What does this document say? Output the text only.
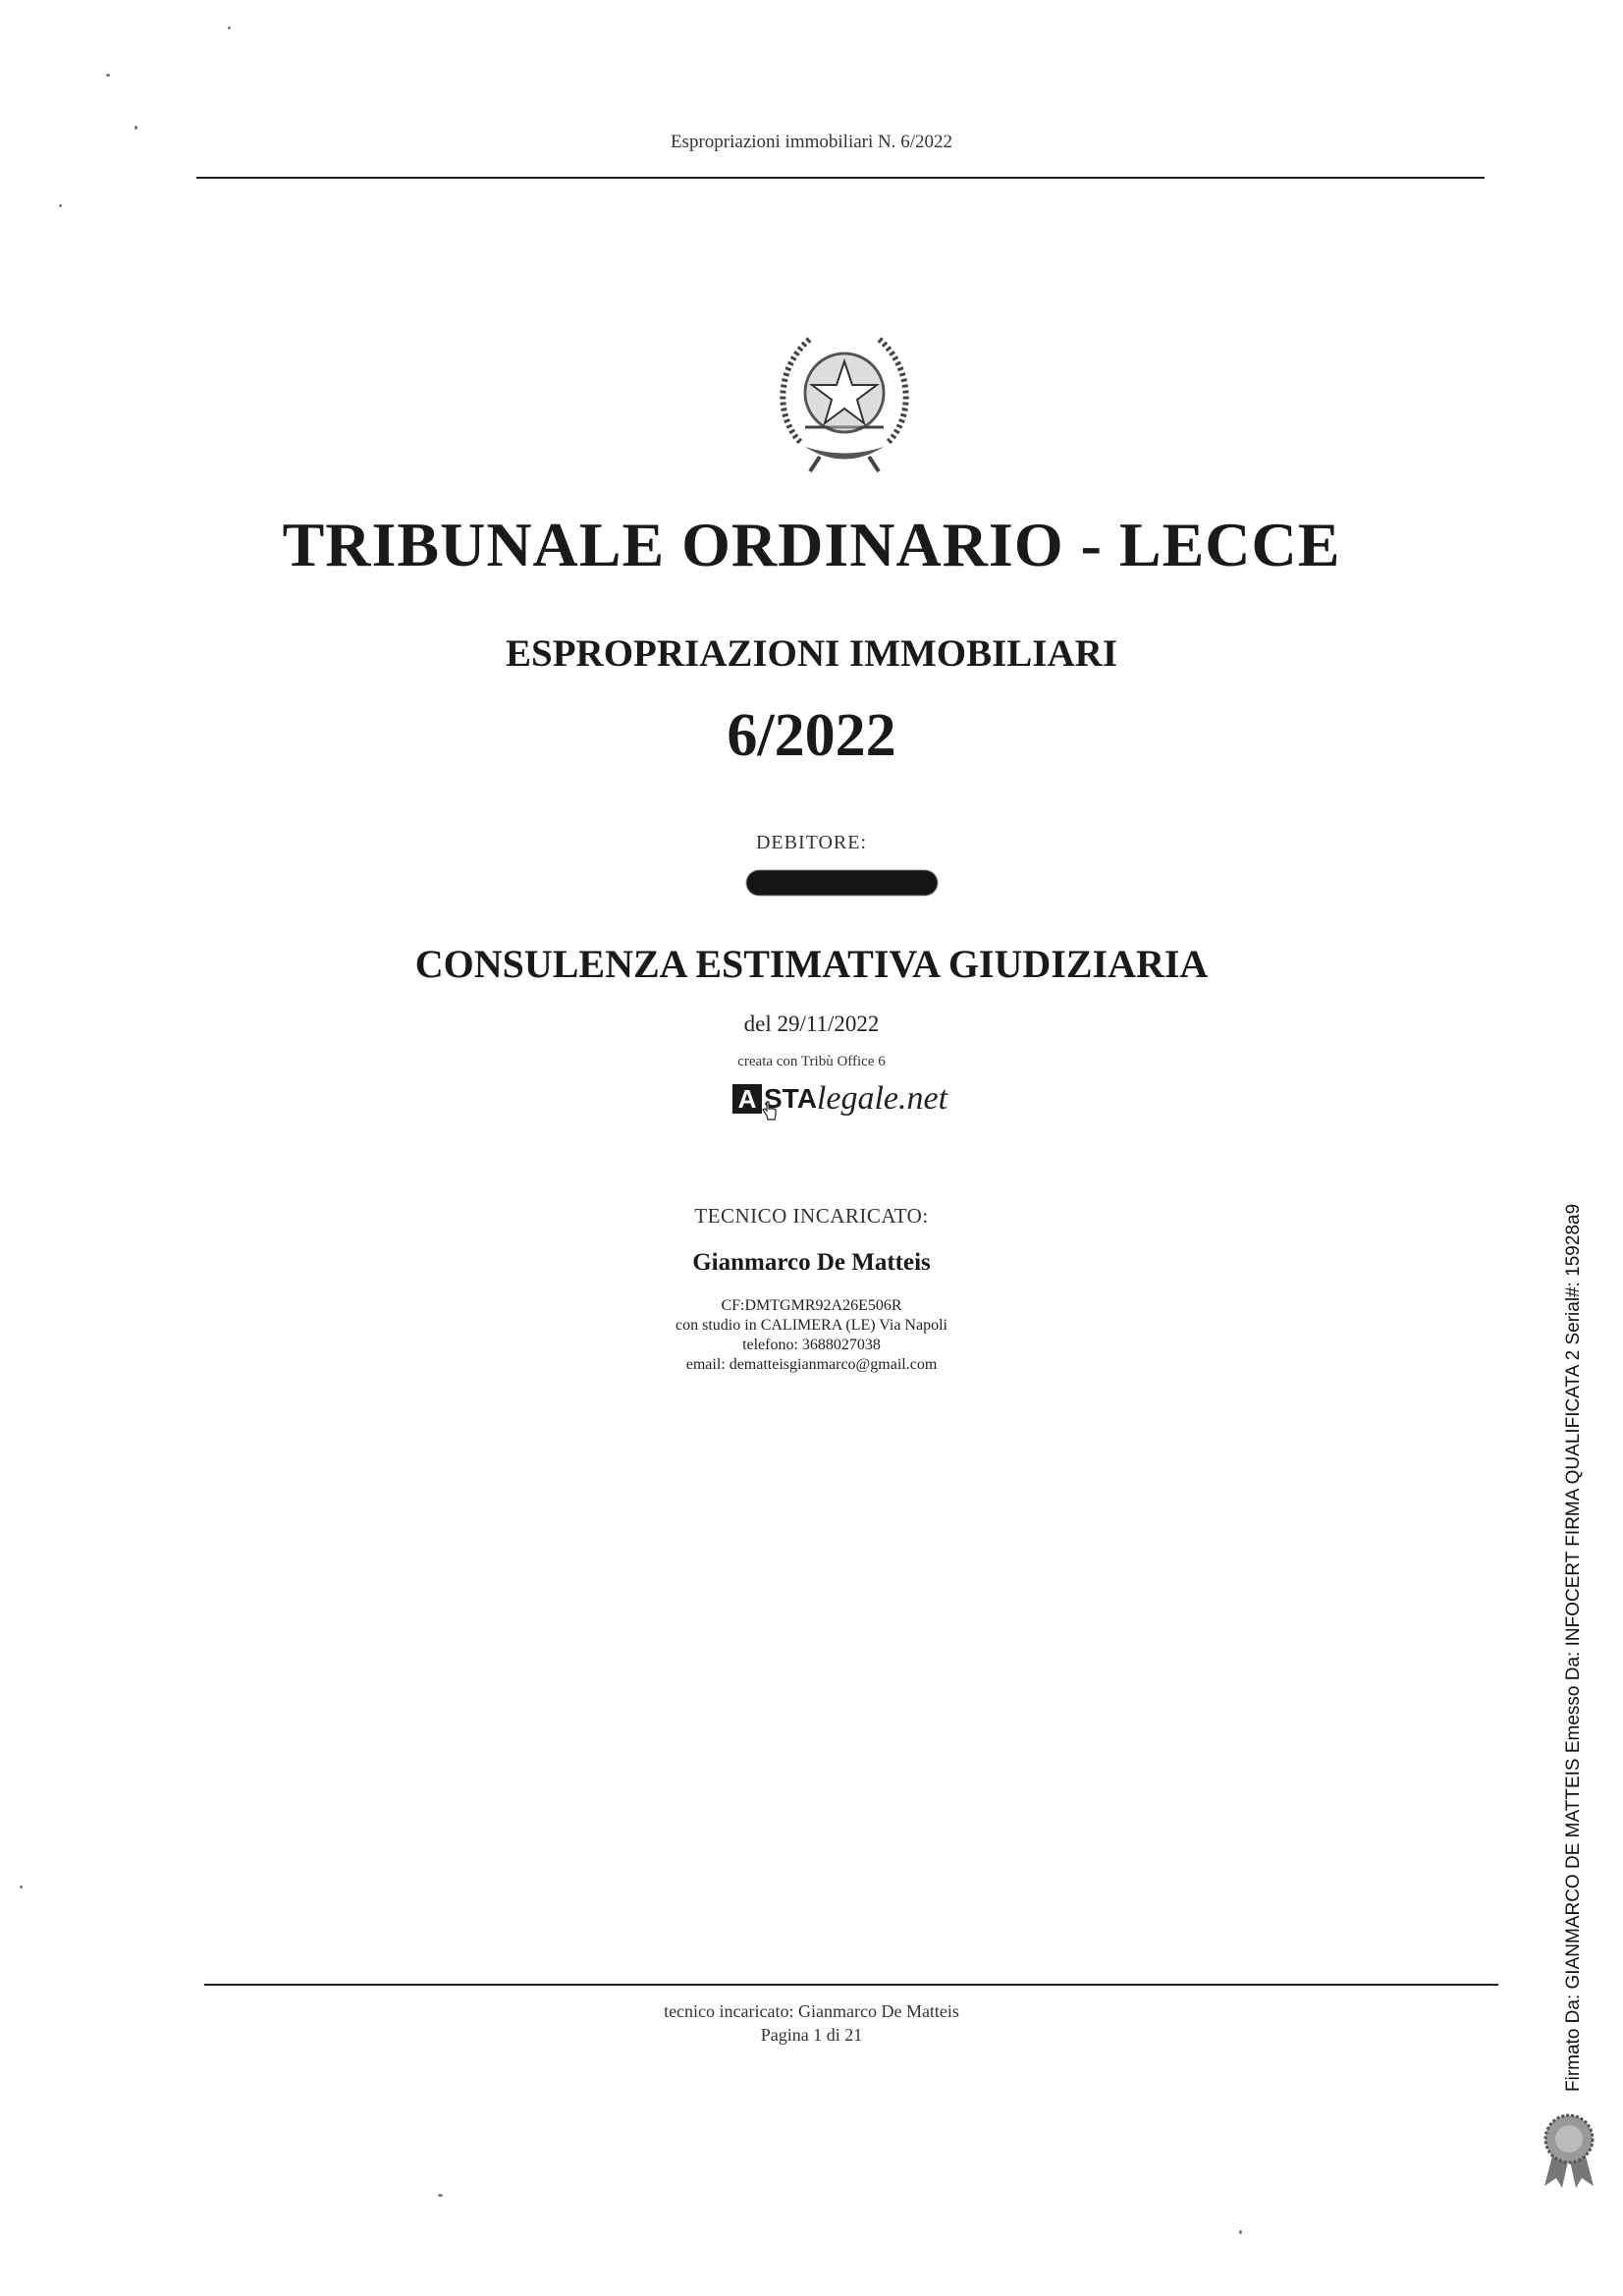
Espropriazioni immobiliari N. 6/2022
TRIBUNALE ORDINARIO - LECCE
ESPROPRIAZIONI IMMOBILIARI
6/2022
DEBITORE:
CONSULENZA ESTIMATIVA GIUDIZIARIA
del 29/11/2022
creata con Tribù Office 6
A STA legale.net
TECNICO INCARICATO:
Gianmarco De Matteis
CF:DMTGMR92A26E506R
con studio in CALIMERA (LE) Via Napoli
telefono: 3688027038
email: dematteisgianmarco@gmail.com
tecnico incaricato: Gianmarco De Matteis
Pagina 1 di 21	Firmato Da: GIANMARCO DE MATTEIS Emesso Da: INFOCERT FIRMA QUALIFICATA 2 Serial#: 15928a9
